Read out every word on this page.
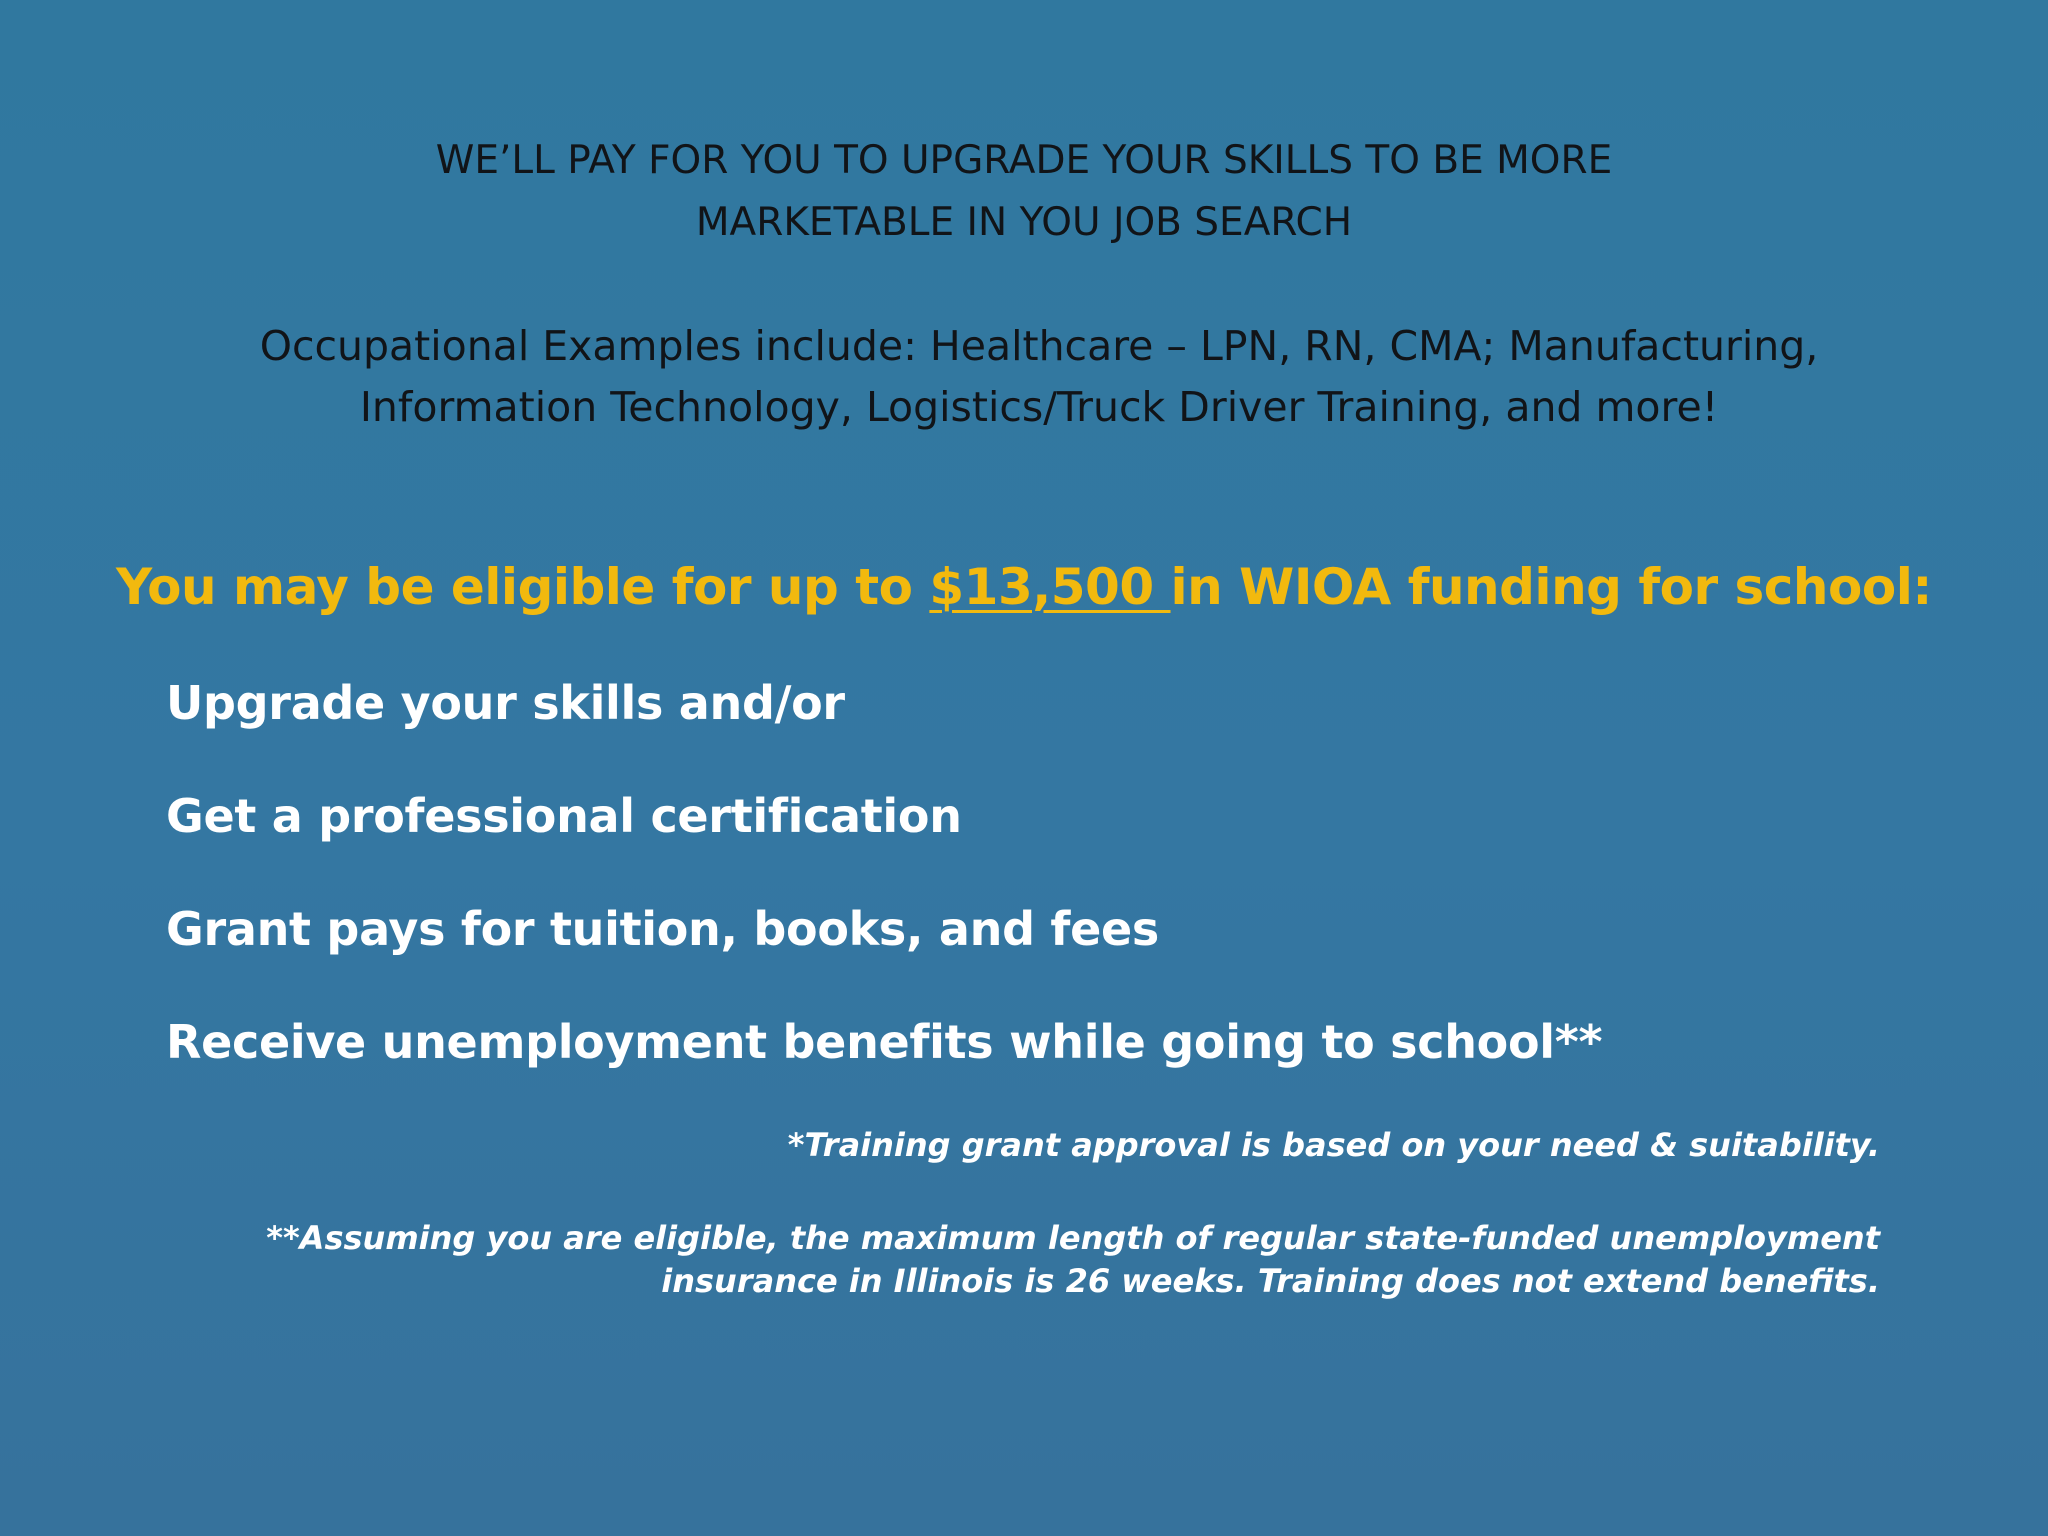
WE’LL PAY FOR YOU TO UPGRADE YOUR SKILLS TO BE MORE
MARKETABLE IN YOU JOB SEARCH
Occupational Examples include: Healthcare – LPN, RN, CMA; Manufacturing,
Information Technology, Logistics/Truck Driver Training, and more!
You may be eligible for up to $13,500 in WIOA funding for school:
Upgrade your skills and/or
Get a professional certification
Grant pays for tuition, books, and fees
Receive unemployment benefits while going to school**
*Training grant approval is based on your need & suitability.
**Assuming you are eligible, the maximum length of regular state-funded unemployment
insurance in Illinois is 26 weeks. Training does not extend benefits.
